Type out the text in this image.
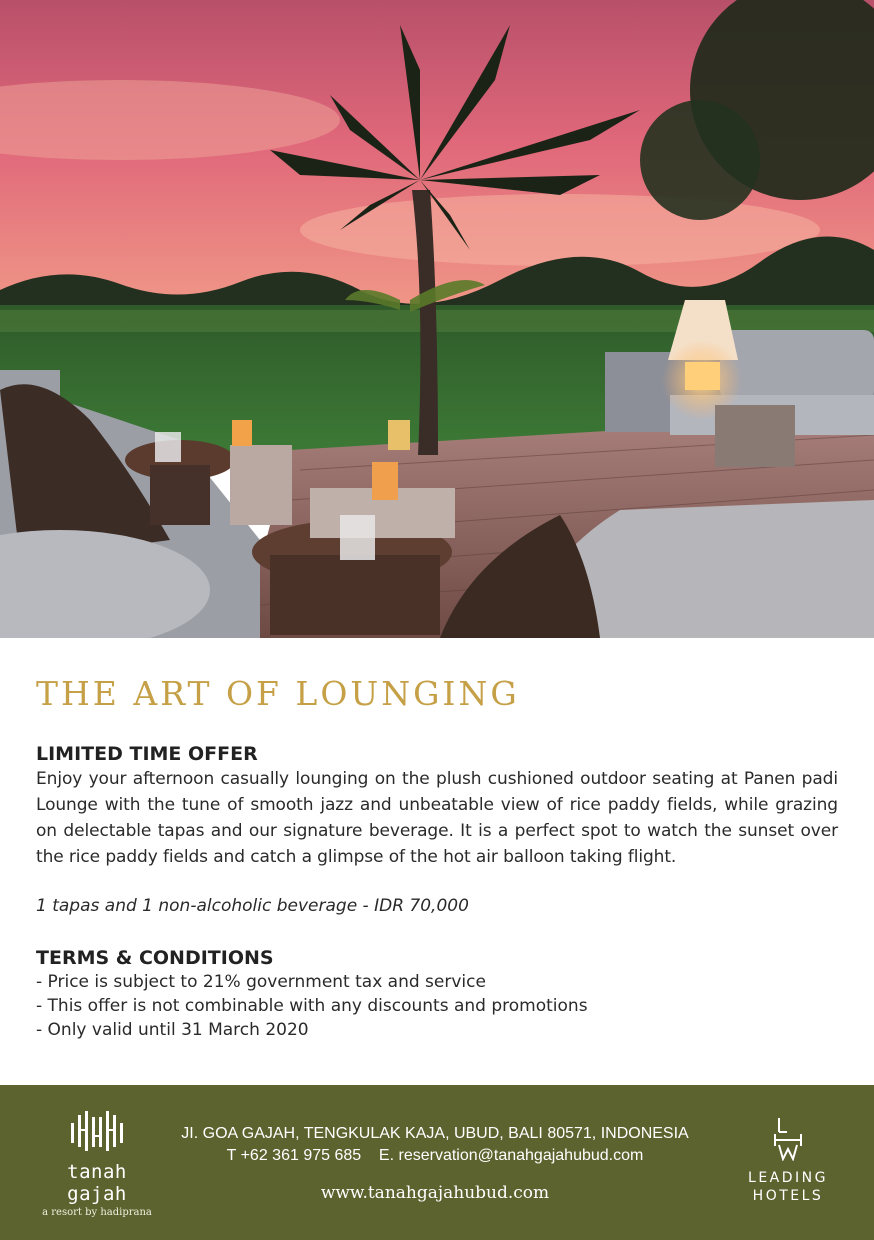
THE ART OF LOUNGING
LIMITED TIME OFFER

Enjoy your afternoon casually lounging on the plush cushioned outdoor seating at Panen padi Lounge with the tune of smooth jazz and unbeatable view of rice paddy fields, while grazing on delectable tapas and our signature beverage. It is a perfect spot to watch the sunset over the rice paddy fields and catch a glimpse of the hot air balloon taking flight.

1 tapas and 1 non-alcoholic beverage - IDR 70,000

TERMS & CONDITIONS
- Price is subject to 21% government tax and service
- This offer is not combinable with any discounts and promotions
- Only valid until 31 March 2020
tanah gajah
a resort by hadiprana
JI. GOA GAJAH, TENGKULAK KAJA, UBUD, BALI 80571, INDONESIA
T +62 361 975 685    E. reservation@tanahgajahubud.com
www.tanahgajahubud.com
LEADING
HOTELS
